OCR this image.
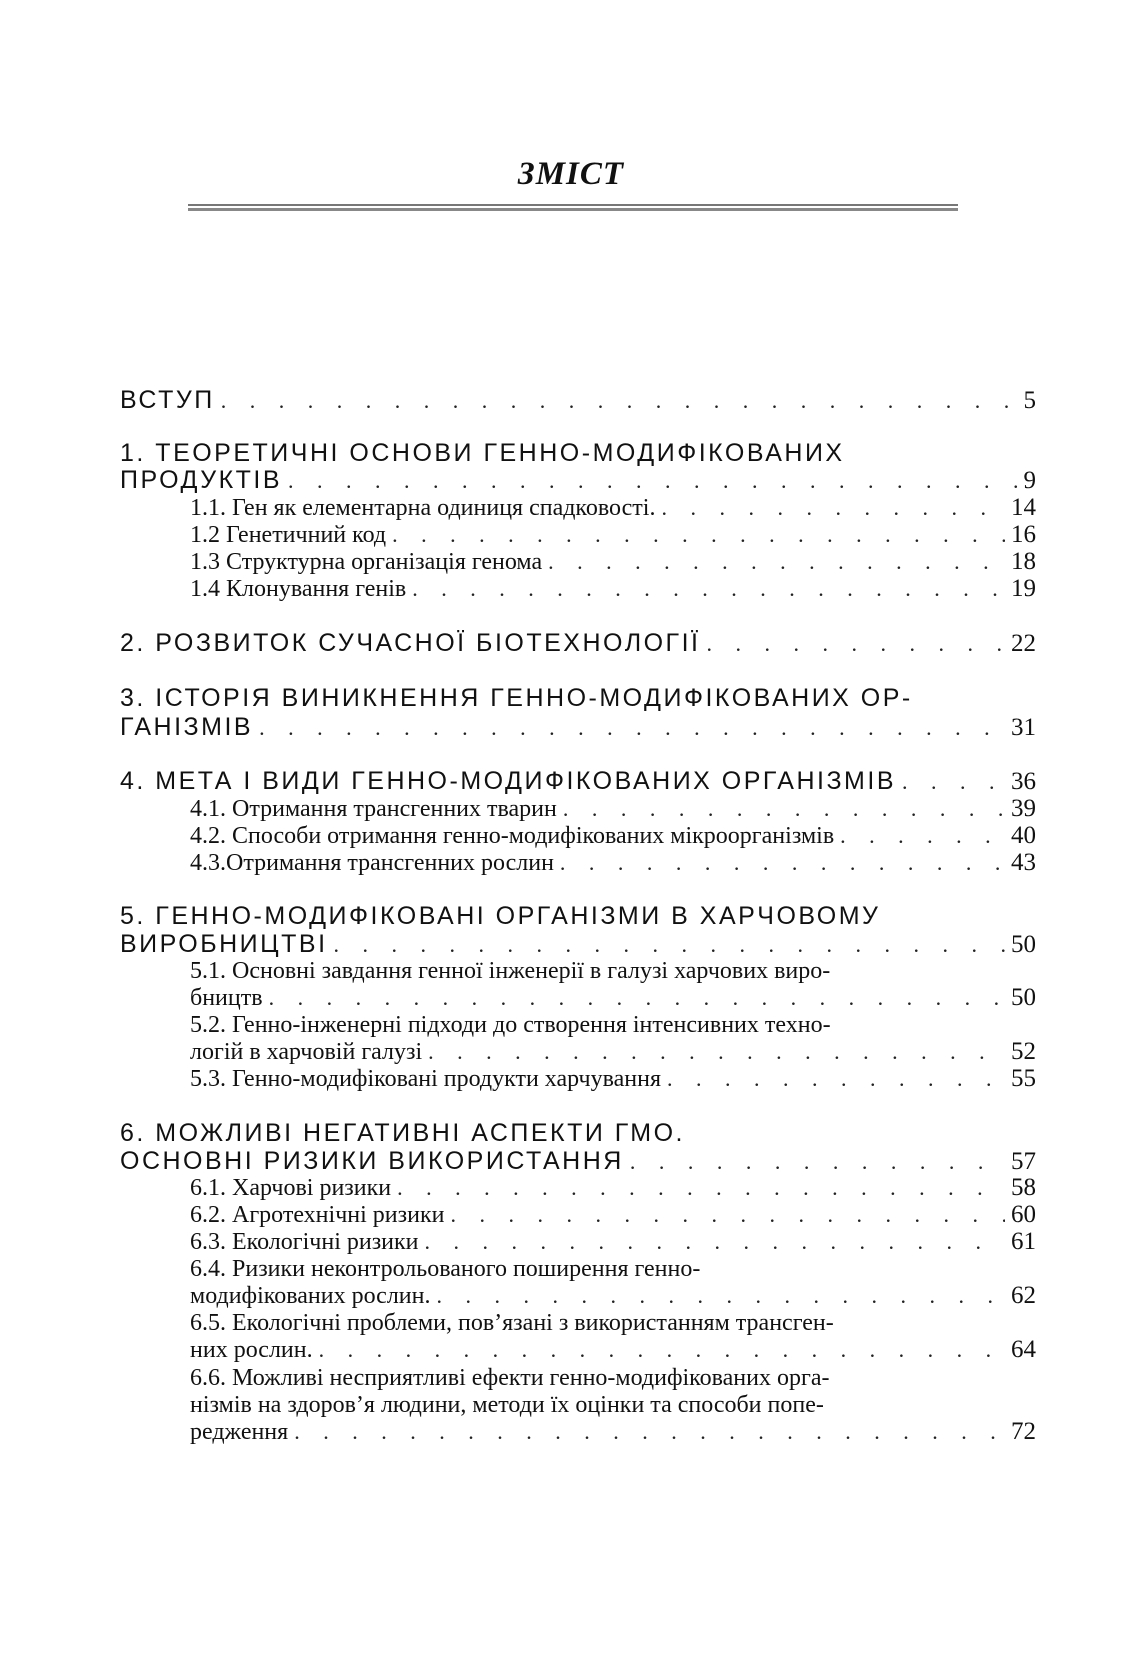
ЗМІСТ
ВСТУП . . .	5
1. ТЕОРЕТИЧНІ ОСНОВИ ГЕННО-МОДИФІКОВАНИХ
ПРОДУКТІВ . . .	9
1.1. Ген як елементарна одиниця спадковості. . . .	14
1.2 Генетичний код . . .	16
1.3 Структурна організація генома . . .	18
1.4 Клонування генів . . .	19
2. РОЗВИТОК СУЧАСНОЇ БІОТЕХНОЛОГІЇ . . .	22
3. ІСТОРІЯ ВИНИКНЕННЯ ГЕННО-МОДИФІКОВАНИХ ОР-
ГАНІЗМІВ . . .	31
4. МЕТА І ВИДИ ГЕННО-МОДИФІКОВАНИХ ОРГАНІЗМІВ . . .	36
4.1. Отримання трансгенних тварин . . .	39
4.2. Способи отримання генно-модифікованих мікроорганізмів . . .	40
4.3.Отримання трансгенних рослин . . .	43
5. ГЕННО-МОДИФІКОВАНІ ОРГАНІЗМИ В ХАРЧОВОМУ
ВИРОБНИЦТВІ . . .	50
5.1. Основні завдання генної інженерії в галузі харчових виро-
бництв . . .	50
5.2. Генно-інженерні підходи до створення інтенсивних техно-
логій в харчовій галузі . . .	52
5.3. Генно-модифіковані продукти харчування . . .	55
6. МОЖЛИВІ НЕГАТИВНІ АСПЕКТИ ГМО.
ОСНОВНІ РИЗИКИ ВИКОРИСТАННЯ . . .	57
6.1. Харчові ризики . . .	58
6.2. Агротехнічні ризики . . .	60
6.3. Екологічні ризики . . .	61
6.4. Ризики неконтрольованого поширення генно-
модифікованих рослин. . . .	62
6.5. Екологічні проблеми, пов’язані з використанням трансген-
них рослин. . . .	64
6.6. Можливі несприятливі ефекти генно-модифікованих орга-
нізмів на здоров’я людини, методи їх оцінки та способи попе-
редження . . .	72
